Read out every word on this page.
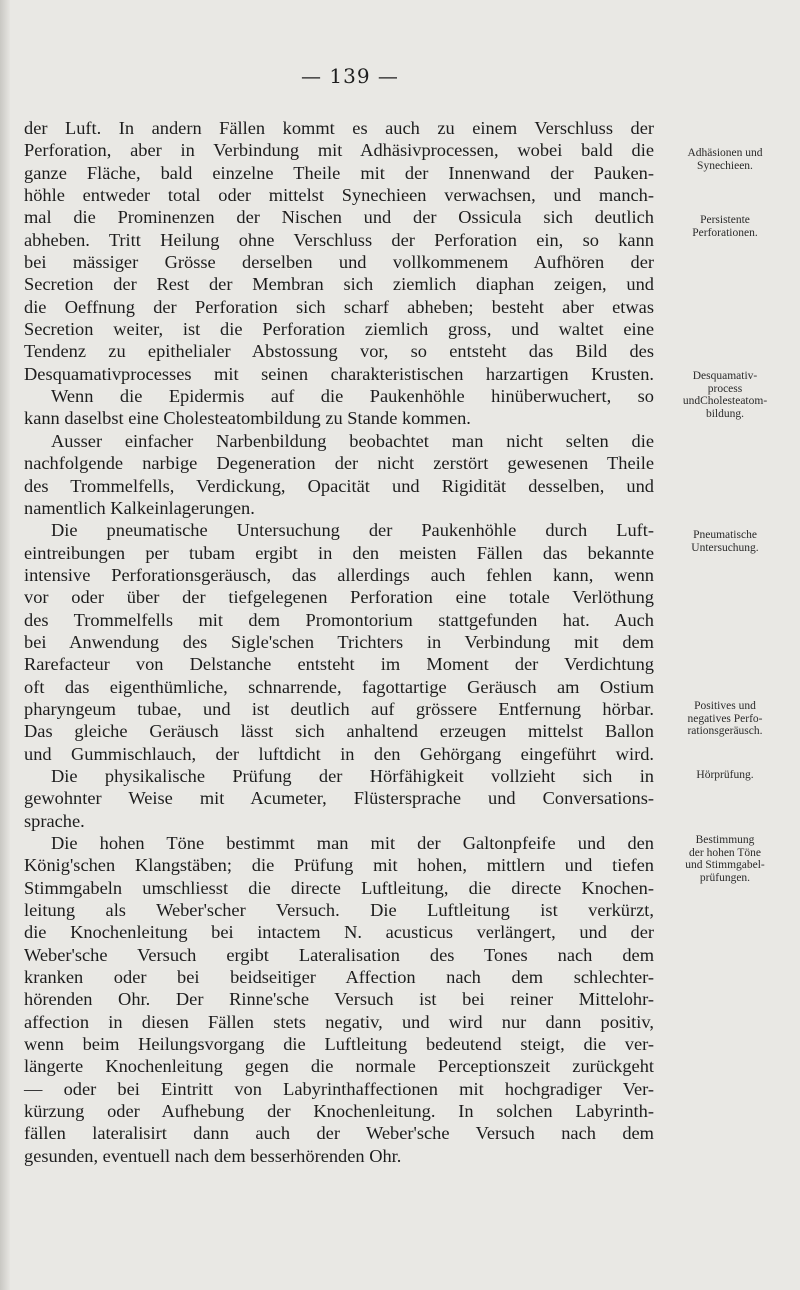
— 139 —
der Luft. In andern Fällen kommt es auch zu einem Verschluss der
Perforation, aber in Verbindung mit Adhäsivprocessen, wobei bald die
ganze Fläche, bald einzelne Theile mit der Innenwand der Pauken-
höhle entweder total oder mittelst Synechieen verwachsen, und manch-
mal die Prominenzen der Nischen und der Ossicula sich deutlich
abheben. Tritt Heilung ohne Verschluss der Perforation ein, so kann
bei mässiger Grösse derselben und vollkommenem Aufhören der
Secretion der Rest der Membran sich ziemlich diaphan zeigen, und
die Oeffnung der Perforation sich scharf abheben; besteht aber etwas
Secretion weiter, ist die Perforation ziemlich gross, und waltet eine
Tendenz zu epithelialer Abstossung vor, so entsteht das Bild des
Desquamativprocesses mit seinen charakteristischen harzartigen Krusten.
Wenn die Epidermis auf die Paukenhöhle hinüberwuchert, so
kann daselbst eine Cholesteatombildung zu Stande kommen.
Ausser einfacher Narbenbildung beobachtet man nicht selten die
nachfolgende narbige Degeneration der nicht zerstört gewesenen Theile
des Trommelfells, Verdickung, Opacität und Rigidität desselben, und
namentlich Kalkeinlagerungen.
Die pneumatische Untersuchung der Paukenhöhle durch Luft-
eintreibungen per tubam ergibt in den meisten Fällen das bekannte
intensive Perforationsgeräusch, das allerdings auch fehlen kann, wenn
vor oder über der tiefgelegenen Perforation eine totale Verlöthung
des Trommelfells mit dem Promontorium stattgefunden hat. Auch
bei Anwendung des Sigle'schen Trichters in Verbindung mit dem
Rarefacteur von Delstanche entsteht im Moment der Verdichtung
oft das eigenthümliche, schnarrende, fagottartige Geräusch am Ostium
pharyngeum tubae, und ist deutlich auf grössere Entfernung hörbar.
Das gleiche Geräusch lässt sich anhaltend erzeugen mittelst Ballon
und Gummischlauch, der luftdicht in den Gehörgang eingeführt wird.
Die physikalische Prüfung der Hörfähigkeit vollzieht sich in
gewohnter Weise mit Acumeter, Flüstersprache und Conversations-
sprache.
Die hohen Töne bestimmt man mit der Galtonpfeife und den
König'schen Klangstäben; die Prüfung mit hohen, mittlern und tiefen
Stimmgabeln umschliesst die directe Luftleitung, die directe Knochen-
leitung als Weber'scher Versuch. Die Luftleitung ist verkürzt,
die Knochenleitung bei intactem N. acusticus verlängert, und der
Weber'sche Versuch ergibt Lateralisation des Tones nach dem
kranken oder bei beidseitiger Affection nach dem schlechter-
hörenden Ohr. Der Rinne'sche Versuch ist bei reiner Mittelohr-
affection in diesen Fällen stets negativ, und wird nur dann positiv,
wenn beim Heilungsvorgang die Luftleitung bedeutend steigt, die ver-
längerte Knochenleitung gegen die normale Perceptionszeit zurückgeht
— oder bei Eintritt von Labyrinthaffectionen mit hochgradiger Ver-
kürzung oder Aufhebung der Knochenleitung. In solchen Labyrinth-
fällen lateralisirt dann auch der Weber'sche Versuch nach dem
gesunden, eventuell nach dem besserhörenden Ohr.
Adhäsionen und
Synechieen.
Persistente
Perforationen.
Desquamativ-
process
undCholesteatom-
bildung.
Pneumatische
Untersuchung.
Positives und
negatives Perfo-
rationsgeräusch.
Hörprüfung.
Bestimmung
der hohen Töne
und Stimmgabel-
prüfungen.
